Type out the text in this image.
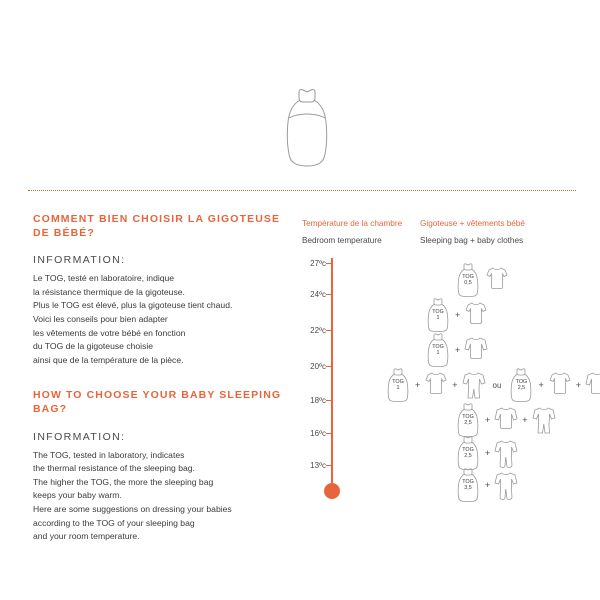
COMMENT BIEN CHOISIR LA GIGOTEUSE DE BÉBÉ?
INFORMATION:
Le TOG, testé en laboratoire, indique
la résistance thermique de la gigoteuse.
Plus le TOG est élevé, plus la gigoteuse tient chaud.
Voici les conseils pour bien adapter
les vêtements de votre bébé en fonction
du TOG de la gigoteuse choisie
ainsi que de la température de la pièce.
HOW TO CHOOSE YOUR BABY SLEEPING BAG?
INFORMATION:
The TOG, tested in laboratory, indicates
the thermal resistance of the sleeping bag.
The higher the TOG, the more the sleeping bag
keeps your baby warm.
Here are some suggestions on dressing your babies
according to the TOG of your sleeping bag
and your room temperature.
Température de la chambre
Bedroom temperature
Gigoteuse + vêtements bébé
Sleeping bag + baby clothes
27ºc
24ºc
22ºc
20ºc
18ºc
16ºc
13ºc
TOG
0,5
TOG
1	+
TOG
1	+
TOG
1	+	+	ou	TOG
2,5	+	+
TOG
2,5	+	+
TOG
2,5	+
TOG
3,5	+
